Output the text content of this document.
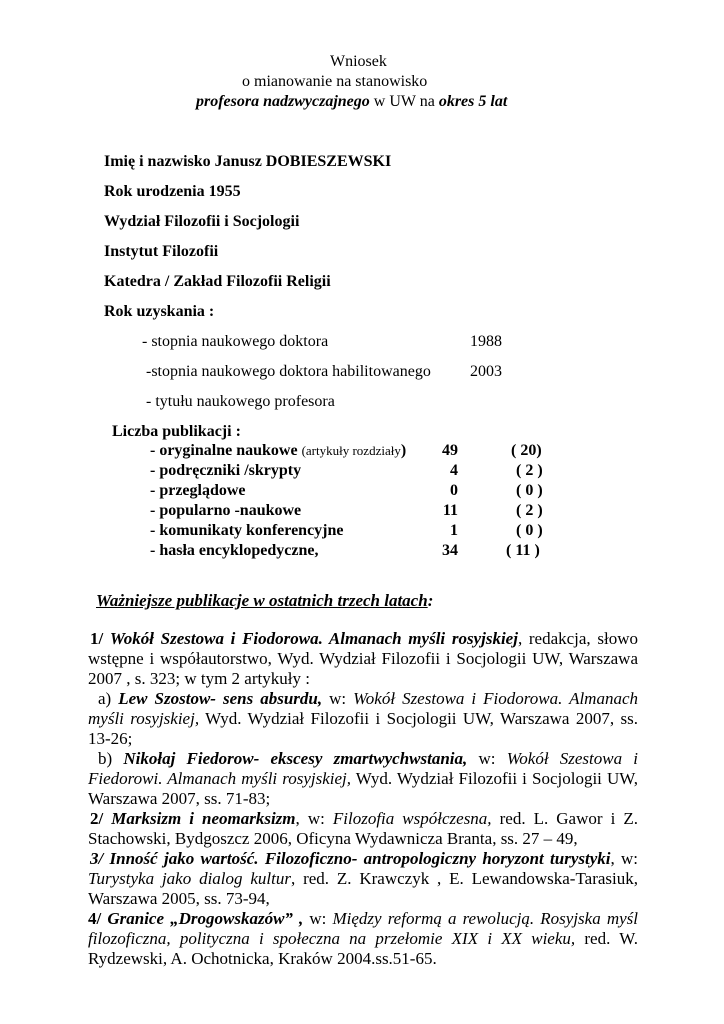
Wniosek
o mianowanie na stanowisko
profesora nadzwyczajnego w UW na okres 5 lat
Imię i nazwisko Janusz DOBIESZEWSKI
Rok urodzenia 1955
Wydział Filozofii i Socjologii
Instytut Filozofii
Katedra / Zakład Filozofii Religii
Rok uzyskania :
- stopnia naukowego doktora	1988
-stopnia naukowego doktora habilitowanego 2003
- tytułu naukowego profesora
Liczba publikacji :
- oryginalne naukowe (artykuły rozdziały)	49	( 20)
- podręczniki /skrypty	4	( 2 )
- przeglądowe	0	( 0 )
- popularno -naukowe	11	( 2 )
- komunikaty konferencyjne	1	( 0 )
- hasła encyklopedyczne,	34	( 11 )
Ważniejsze publikacje w ostatnich trzech latach:
1/ Wokół Szestowa i Fiodorowa. Almanach myśli rosyjskiej, redakcja, słowo wstępne i współautorstwo, Wyd. Wydział Filozofii i Socjologii UW, Warszawa 2007 , s. 323; w tym 2 artykuły :
a) Lew Szostow- sens absurdu, w: Wokół Szestowa i Fiodorowa. Almanach myśli rosyjskiej, Wyd. Wydział Filozofii i Socjologii UW, Warszawa 2007, ss. 13-26;
b) Nikołaj Fiedorow- ekscesy zmartwychwstania, w: Wokół Szestowa i Fiedorowi. Almanach myśli rosyjskiej, Wyd. Wydział Filozofii i Socjologii UW, Warszawa 2007, ss. 71-83;
2/ Marksizm i neomarksizm, w: Filozofia współczesna, red. L. Gawor i Z. Stachowski, Bydgoszcz 2006, Oficyna Wydawnicza Branta, ss. 27 – 49,
3/ Inność jako wartość. Filozoficzno- antropologiczny horyzont turystyki, w: Turystyka jako dialog kultur, red. Z. Krawczyk , E. Lewandowska-Tarasiuk, Warszawa 2005, ss. 73-94,
4/ Granice „Drogowskazów” , w: Między reformą a rewolucją. Rosyjska myśl filozoficzna, polityczna i społeczna na przełomie XIX i XX wieku, red. W. Rydzewski, A. Ochotnicka, Kraków 2004.ss.51-65.
